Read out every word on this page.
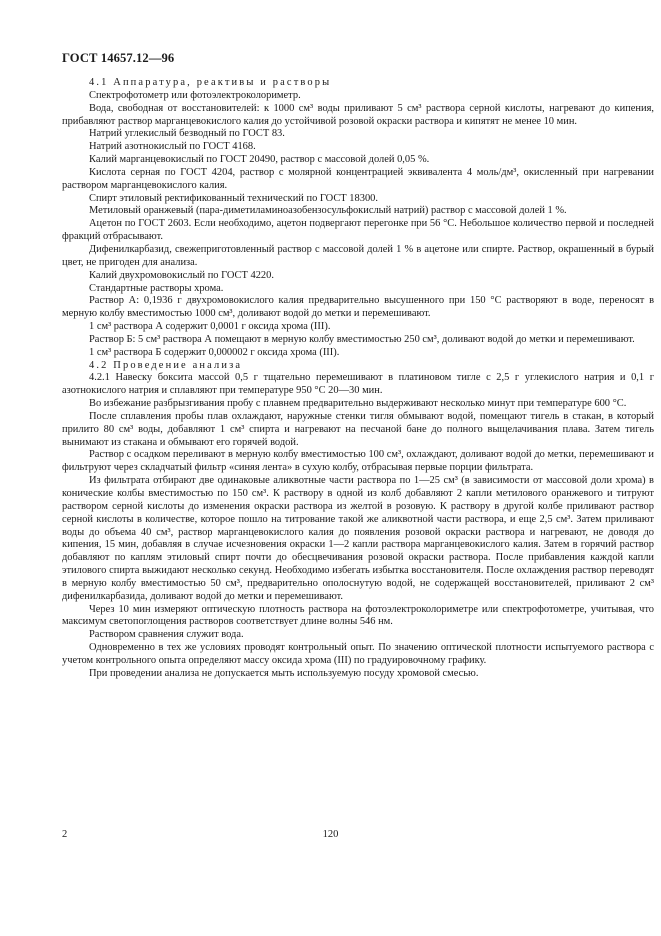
ГОСТ 14657.12—96

4.1 Аппаратура, реактивы и растворы

Спектрофотометр или фотоэлектроколориметр.

Вода, свободная от восстановителей: к 1000 см³ воды приливают 5 см³ раствора серной кислоты, нагревают до кипения, прибавляют раствор марганцевокислого калия до устойчивой розовой окраски раствора и кипятят не менее 10 мин.

Натрий углекислый безводный по ГОСТ 83.

Натрий азотнокислый по ГОСТ 4168.

Калий марганцевокислый по ГОСТ 20490, раствор с массовой долей 0,05 %.

Кислота серная по ГОСТ 4204, раствор с молярной концентрацией эквивалента 4 моль/дм³, окисленный при нагревании раствором марганцевокислого калия.

Спирт этиловый ректификованный технический по ГОСТ 18300.

Метиловый оранжевый (пара-диметиламиноазобензосульфокислый натрий) раствор с массовой долей 1 %.

Ацетон по ГОСТ 2603. Если необходимо, ацетон подвергают перегонке при 56 °С. Небольшое количество первой и последней фракций отбрасывают.

Дифенилкарбазид, свежеприготовленный раствор с массовой долей 1 % в ацетоне или спирте. Раствор, окрашенный в бурый цвет, не пригоден для анализа.

Калий двухромовокислый по ГОСТ 4220.

Стандартные растворы хрома.

Раствор А: 0,1936 г двухромовокислого калия предварительно высушенного при 150 °С растворяют в воде, переносят в мерную колбу вместимостью 1000 см³, доливают водой до метки и перемешивают.

1 см³ раствора А содержит 0,0001 г оксида хрома (III).

Раствор Б: 5 см³ раствора А помещают в мерную колбу вместимостью 250 см³, доливают водой до метки и перемешивают.

1 см³ раствора Б содержит 0,000002 г оксида хрома (III).

4.2 Проведение анализа

4.2.1 Навеску боксита массой 0,5 г тщательно перемешивают в платиновом тигле с 2,5 г углекислого натрия и 0,1 г азотнокислого натрия и сплавляют при температуре 950 °С 20—30 мин.

Во избежание разбрызгивания пробу с плавнем предварительно выдерживают несколько минут при температуре 600 °С.

После сплавления пробы плав охлаждают, наружные стенки тигля обмывают водой, помещают тигель в стакан, в который прилито 80 см³ воды, добавляют 1 см³ спирта и нагревают на песчаной бане до полного выщелачивания плава. Затем тигель вынимают из стакана и обмывают его горячей водой.

Раствор с осадком переливают в мерную колбу вместимостью 100 см³, охлаждают, доливают водой до метки, перемешивают и фильтруют через складчатый фильтр «синяя лента» в сухую колбу, отбрасывая первые порции фильтрата.

Из фильтрата отбирают две одинаковые аликвотные части раствора по 1—25 см³ (в зависимости от массовой доли хрома) в конические колбы вместимостью по 150 см³. К раствору в одной из колб добавляют 2 капли метилового оранжевого и титруют раствором серной кислоты до изменения окраски раствора из желтой в розовую. К раствору в другой колбе приливают раствор серной кислоты в количестве, которое пошло на титрование такой же аликвотной части раствора, и еще 2,5 см³. Затем приливают воды до объема 40 см³, раствор марганцевокислого калия до появления розовой окраски раствора и нагревают, не доводя до кипения, 15 мин, добавляя в случае исчезновения окраски 1—2 капли раствора марганцевокислого калия. Затем в горячий раствор добавляют по каплям этиловый спирт почти до обесцвечивания розовой окраски раствора. После прибавления каждой капли этилового спирта выжидают несколько секунд. Необходимо избегать избытка восстановителя. После охлаждения раствор переводят в мерную колбу вместимостью 50 см³, предварительно ополоснутую водой, не содержащей восстановителей, приливают 2 см³ дифенилкарбазида, доливают водой до метки и перемешивают.

Через 10 мин измеряют оптическую плотность раствора на фотоэлектроколориметре или спектрофотометре, учитывая, что максимум светопоглощения растворов соответствует длине волны 546 нм.

Раствором сравнения служит вода.

Одновременно в тех же условиях проводят контрольный опыт. По значению оптической плотности испытуемого раствора с учетом контрольного опыта определяют массу оксида хрома (III) по градуировочному графику.

При проведении анализа не допускается мыть используемую посуду хромовой смесью.

2	120
